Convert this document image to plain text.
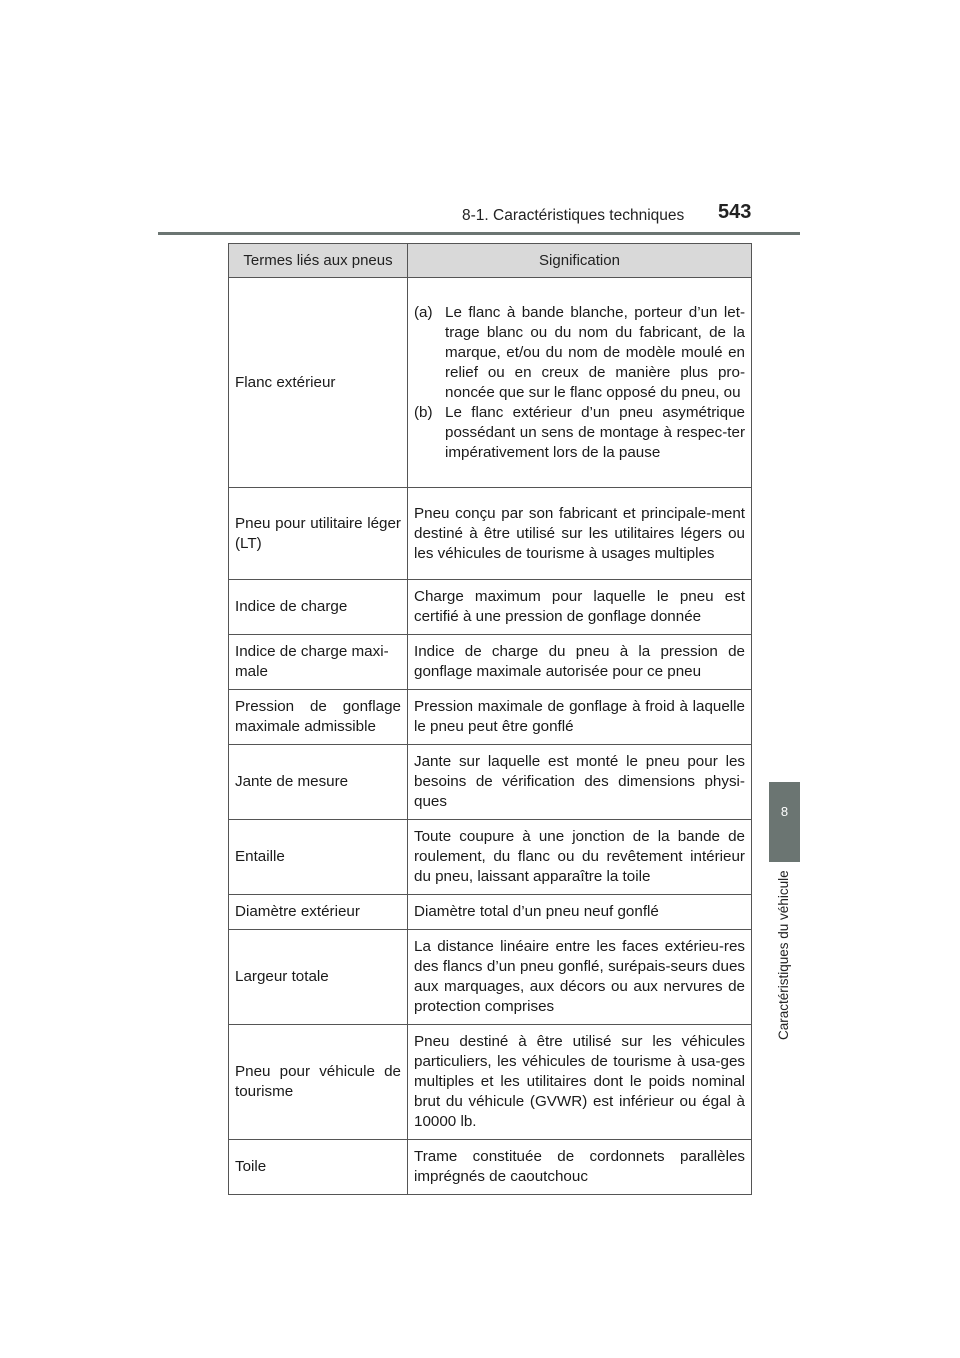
8-1. Caractéristiques techniques 543
8
Caractéristiques du véhicule
Termes liés aux pneus	Signification
Flanc extérieur	(a) Le flanc à bande blanche, porteur d’un let-trage blanc ou du nom du fabricant, de la marque, et/ou du nom de modèle moulé en relief ou en creux de manière plus pro-noncée que sur le flanc opposé du pneu, ou
(b) Le flanc extérieur d’un pneu asymétrique possédant un sens de montage à respec-ter impérativement lors de la pause

Pneu pour utilitaire léger (LT)	Pneu conçu par son fabricant et principale-ment destiné à être utilisé sur les utilitaires légers ou les véhicules de tourisme à usages multiples
Indice de charge	Charge maximum pour laquelle le pneu est certifié à une pression de gonflage donnée
Indice de charge maxi-male	Indice de charge du pneu à la pression de gonflage maximale autorisée pour ce pneu
Pression de gonflage maximale admissible	Pression maximale de gonflage à froid à laquelle le pneu peut être gonflé
Jante de mesure	Jante sur laquelle est monté le pneu pour les besoins de vérification des dimensions physi-ques
Entaille	Toute coupure à une jonction de la bande de roulement, du flanc ou du revêtement intérieur du pneu, laissant apparaître la toile
Diamètre extérieur	Diamètre total d’un pneu neuf gonflé
Largeur totale	La distance linéaire entre les faces extérieu-res des flancs d’un pneu gonflé, surépais-seurs dues aux marquages, aux décors ou aux nervures de protection comprises
Pneu pour véhicule de tourisme	Pneu destiné à être utilisé sur les véhicules particuliers, les véhicules de tourisme à usa-ges multiples et les utilitaires dont le poids nominal brut du véhicule (GVWR) est inférieur ou égal à 10000 lb.
Toile	Trame constituée de cordonnets parallèles imprégnés de caoutchouc
